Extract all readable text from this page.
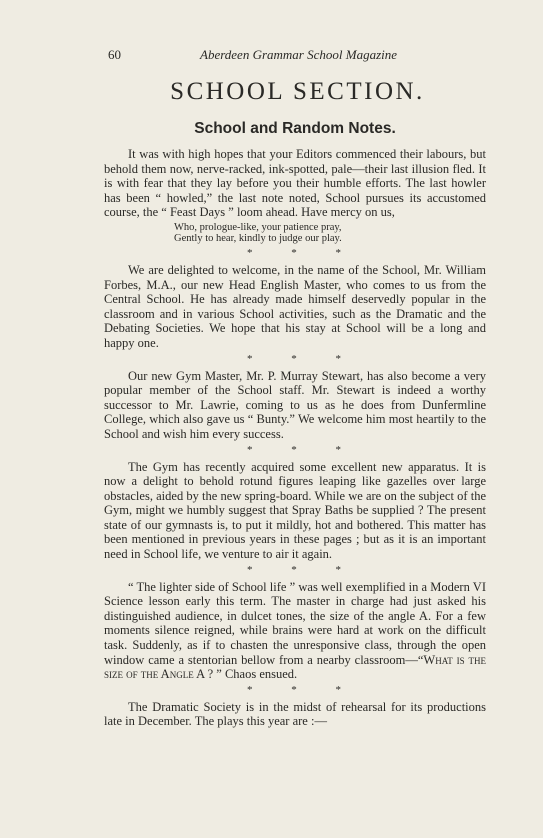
60	Aberdeen Grammar School Magazine
SCHOOL SECTION.
School and Random Notes.

It was with high hopes that your Editors commenced their labours, but behold them now, nerve-racked, ink-spotted, pale—their last illusion fled. It is with fear that they lay before you their humble efforts. The last howler has been “ howled,” the last note noted, School pursues its accustomed course, the “ Feast Days ” loom ahead. Have mercy on us,

Who, prologue-like, your patience pray,
Gently to hear, kindly to judge our play.
* * *

We are delighted to welcome, in the name of the School, Mr. William Forbes, M.A., our new Head English Master, who comes to us from the Central School. He has already made himself deservedly popular in the classroom and in various School activities, such as the Dramatic and the Debating Societies. We hope that his stay at School will be a long and happy one.

* * *

Our new Gym Master, Mr. P. Murray Stewart, has also become a very popular member of the School staff. Mr. Stewart is indeed a worthy successor to Mr. Lawrie, coming to us as he does from Dunfermline College, which also gave us “ Bunty.” We welcome him most heartily to the School and wish him every success.

* * *

The Gym has recently acquired some excellent new apparatus. It is now a delight to behold rotund figures leaping like gazelles over large obstacles, aided by the new spring-board. While we are on the subject of the Gym, might we humbly suggest that Spray Baths be supplied ? The present state of our gymnasts is, to put it mildly, hot and bothered. This matter has been mentioned in previous years in these pages ; but as it is an important need in School life, we venture to air it again.

* * *

“ The lighter side of School life ” was well exemplified in a Modern VI Science lesson early this term. The master in charge had just asked his distinguished audience, in dulcet tones, the size of the angle A. For a few moments silence reigned, while brains were hard at work on the difficult task. Suddenly, as if to chasten the unresponsive class, through the open window came a stentorian bellow from a nearby classroom—“What is the size of the Angle A ? ” Chaos ensued.

* * *

The Dramatic Society is in the midst of rehearsal for its productions late in December. The plays this year are :—
